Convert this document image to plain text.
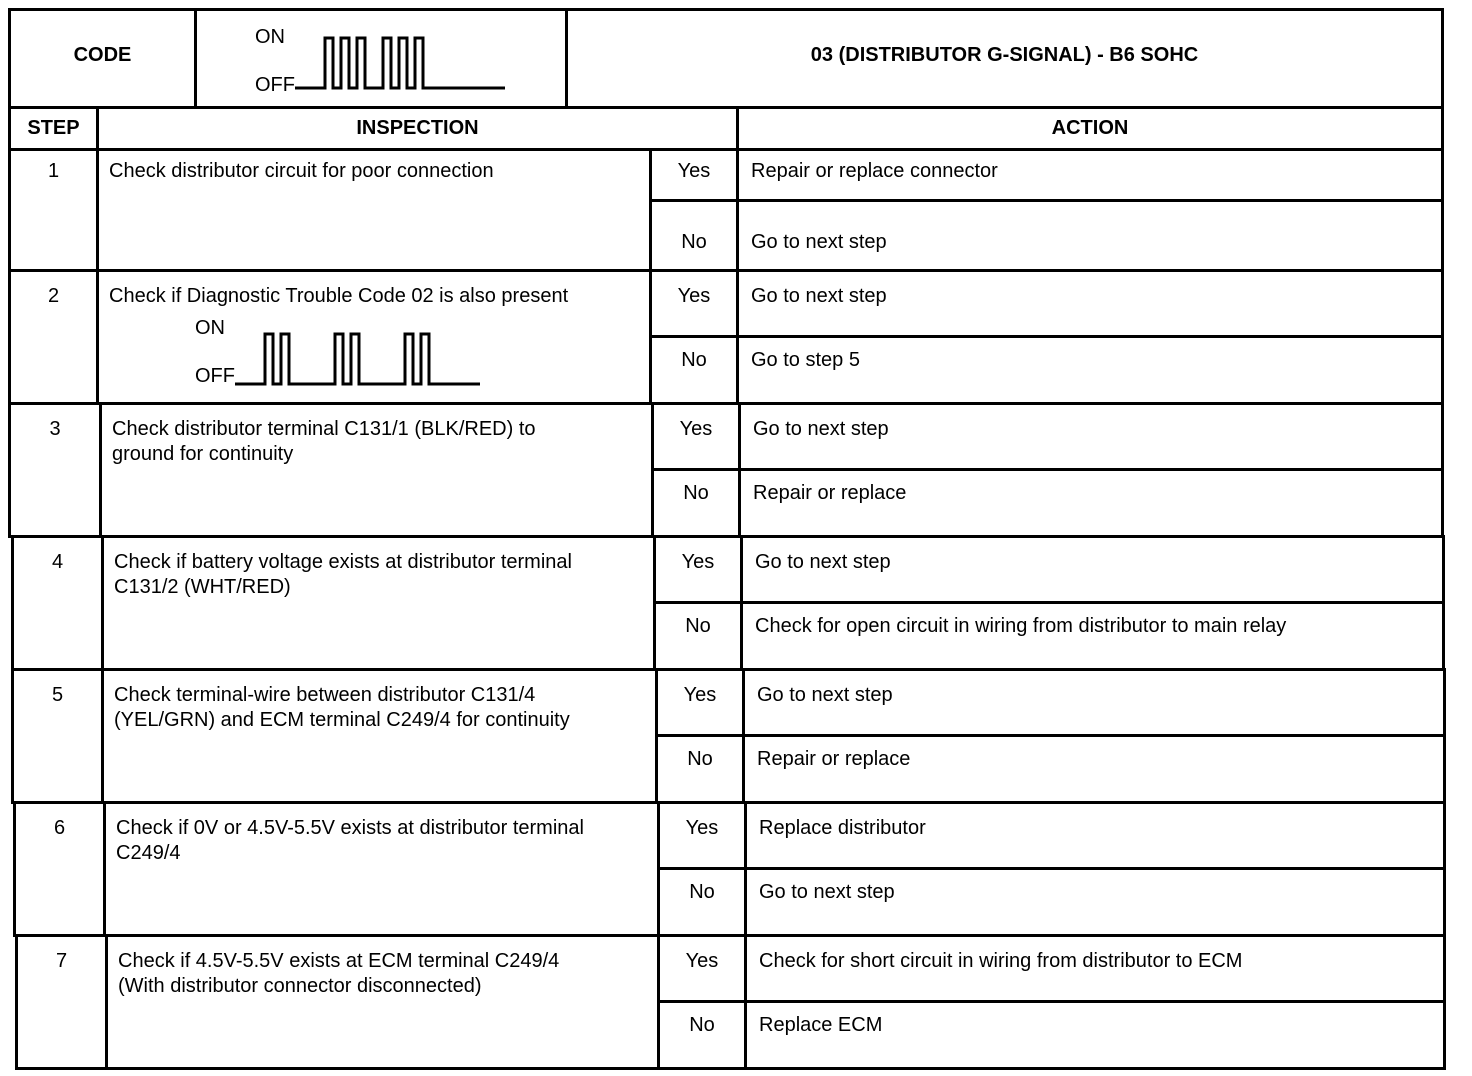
CODE
ON
OFF
03 (DISTRIBUTOR G-SIGNAL) - B6 SOHC
STEP	INSPECTION	ACTION
1	Check distributor circuit for poor connection	Yes	Repair or replace connector
No	Go to next step
2	Check if Diagnostic Trouble Code 02 is also present
ON
OFF
Yes	Go to next step
No	Go to step 5
3	Check distributor terminal C131/1 (BLK/RED) to
ground for continuity
Yes	Go to next step
No	Repair or replace
4	Check if battery voltage exists at distributor terminal
C131/2 (WHT/RED)
Yes	Go to next step
No	Check for open circuit in wiring from distributor to main relay
5	Check terminal-wire between distributor C131/4
(YEL/GRN) and ECM terminal C249/4 for continuity
Yes	Go to next step
No	Repair or replace
6	Check if 0V or 4.5V-5.5V exists at distributor terminal
C249/4
Yes	Replace distributor
No	Go to next step
7	Check if 4.5V-5.5V exists at ECM terminal C249/4
(With distributor connector disconnected)
Yes	Check for short circuit in wiring from distributor to ECM
No	Replace ECM
